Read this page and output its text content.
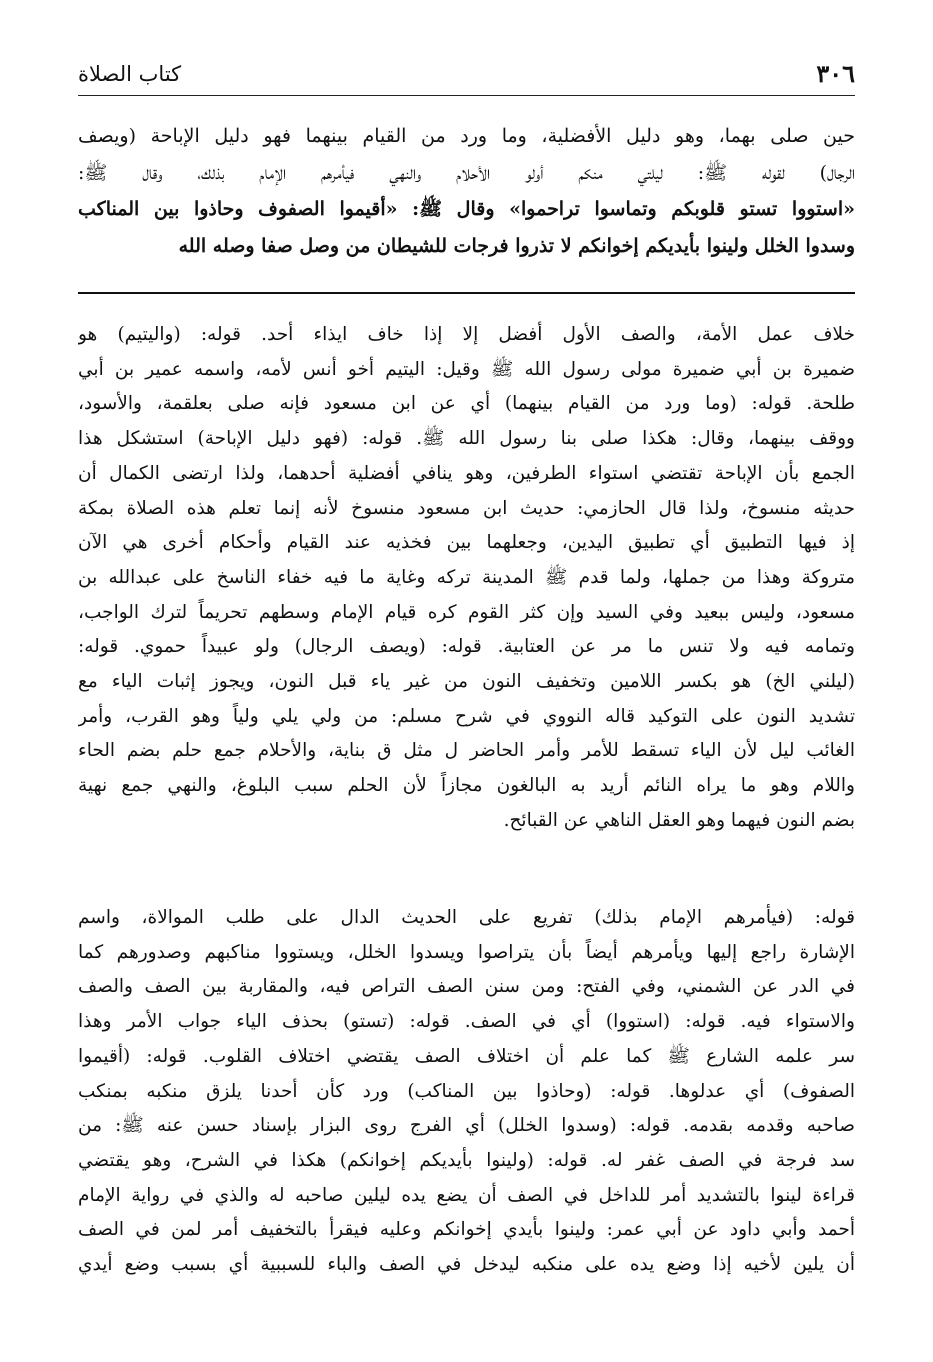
٣٠٦
كتاب الصلاة
حين صلى بهما، وهو دليل الأفضلية، وما ورد من القيام بينهما فهو دليل الإباحة (ويصف
الرجال) لقوله ﷺ: ليلتي منكم أولو الأحلام والنهي فيأمرهم الإمام بذلك، وقال ﷺ:
«استووا تستو قلوبكم وتماسوا تراحموا» وقال ﷺ: «أقيموا الصفوف وحاذوا بين المناكب
وسدوا الخلل ولينوا بأيديكم إخوانكم لا تذروا فرجات للشيطان من وصل صفا وصله الله
خلاف عمل الأمة، والصف الأول أفضل إلا إذا خاف ايذاء أحد. قوله: (واليتيم) هو
ضميرة بن أبي ضميرة مولى رسول الله ﷺ وقيل: اليتيم أخو أنس لأمه، واسمه عمير بن أبي
طلحة. قوله: (وما ورد من القيام بينهما) أي عن ابن مسعود فإنه صلى بعلقمة، والأسود،
ووقف بينهما، وقال: هكذا صلى بنا رسول الله ﷺ. قوله: (فهو دليل الإباحة) استشكل هذا
الجمع بأن الإباحة تقتضي استواء الطرفين، وهو ينافي أفضلية أحدهما، ولذا ارتضى الكمال أن
حديثه منسوخ، ولذا قال الحازمي: حديث ابن مسعود منسوخ لأنه إنما تعلم هذه الصلاة بمكة
إذ فيها التطبيق أي تطبيق اليدين، وجعلهما بين فخذيه عند القيام وأحكام أخرى هي الآن
متروكة وهذا من جملها، ولما قدم ﷺ المدينة تركه وغاية ما فيه خفاء الناسخ على عبدالله بن
مسعود، وليس ببعيد وفي السيد وإن كثر القوم كره قيام الإمام وسطهم تحريماً لترك الواجب،
وتمامه فيه ولا تنس ما مر عن العتابية. قوله: (ويصف الرجال) ولو عبيداً حموي. قوله:
(ليلني الخ) هو بكسر اللامين وتخفيف النون من غير ياء قبل النون، ويجوز إثبات الياء مع
تشديد النون على التوكيد قاله النووي في شرح مسلم: من ولي يلي ولياً وهو القرب، وأمر
الغائب ليل لأن الياء تسقط للأمر وأمر الحاضر ل مثل ق بناية، والأحلام جمع حلم بضم الحاء
واللام وهو ما يراه النائم أريد به البالغون مجازاً لأن الحلم سبب البلوغ، والنهي جمع نهية
بضم النون فيهما وهو العقل الناهي عن القبائح.
قوله: (فيأمرهم الإمام بذلك) تفريع على الحديث الدال على طلب الموالاة، واسم
الإشارة راجع إليها ويأمرهم أيضاً بأن يتراصوا ويسدوا الخلل، ويستووا مناكبهم وصدورهم كما
في الدر عن الشمني، وفي الفتح: ومن سنن الصف التراص فيه، والمقاربة بين الصف والصف
والاستواء فيه. قوله: (استووا) أي في الصف. قوله: (تستو) بحذف الياء جواب الأمر وهذا
سر علمه الشارع ﷺ كما علم أن اختلاف الصف يقتضي اختلاف القلوب. قوله: (أقيموا
الصفوف) أي عدلوها. قوله: (وحاذوا بين المناكب) ورد كأن أحدنا يلزق منكبه بمنكب
صاحبه وقدمه بقدمه. قوله: (وسدوا الخلل) أي الفرج روى البزار بإسناد حسن عنه ﷺ: من
سد فرجة في الصف غفر له. قوله: (ولينوا بأيديكم إخوانكم) هكذا في الشرح، وهو يقتضي
قراءة لينوا بالتشديد أمر للداخل في الصف أن يضع يده ليلين صاحبه له والذي في رواية الإمام
أحمد وأبي داود عن أبي عمر: ولينوا بأيدي إخوانكم وعليه فيقرأ بالتخفيف أمر لمن في الصف
أن يلين لأخيه إذا وضع يده على منكبه ليدخل في الصف والباء للسببية أي بسبب وضع أيدي
